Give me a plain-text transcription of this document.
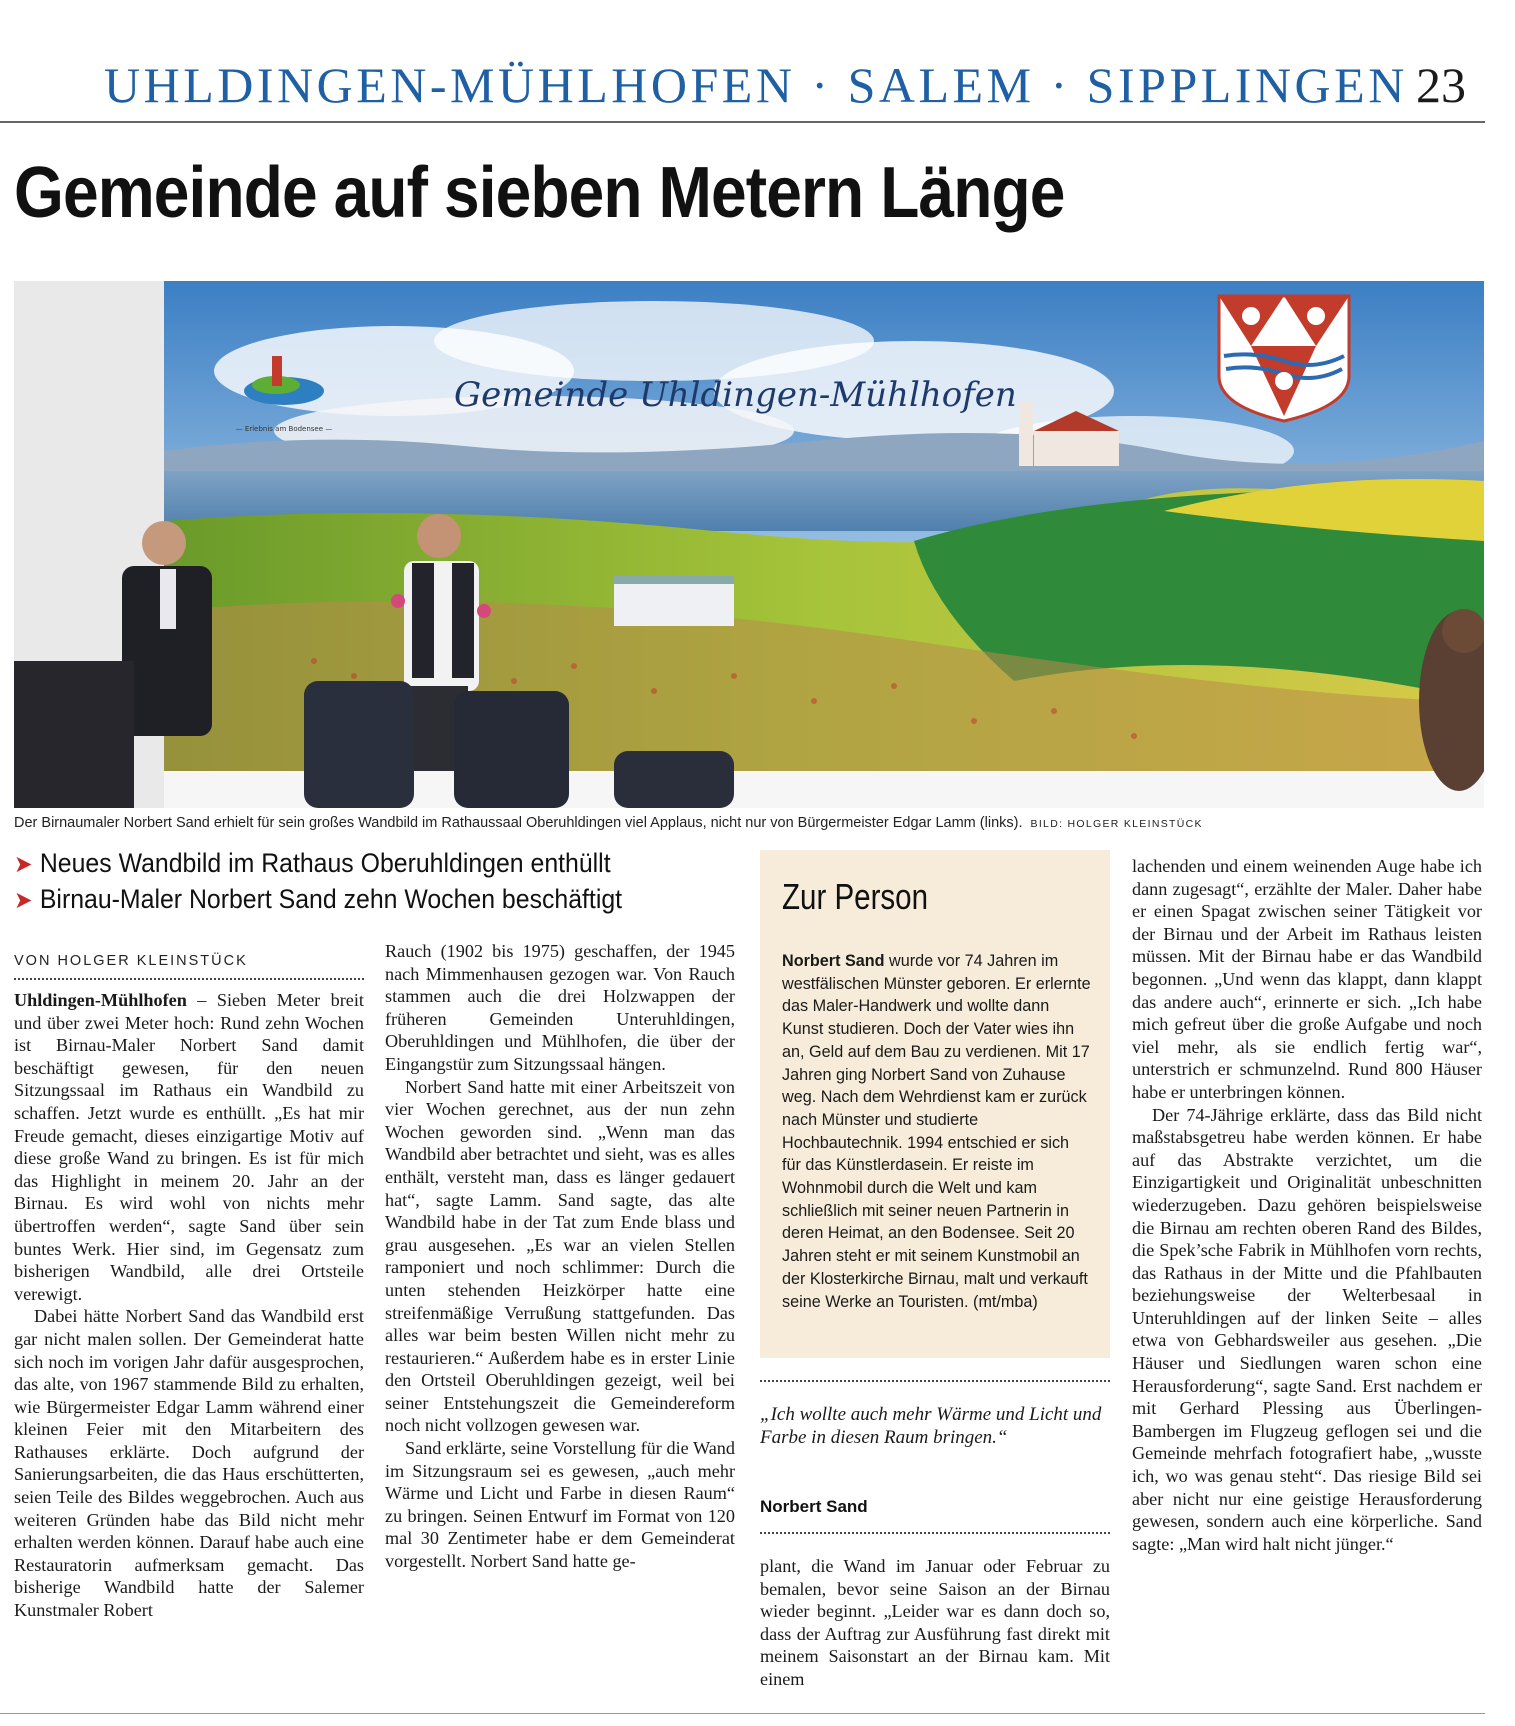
UHLDINGEN-MÜHLHOFEN · SALEM · SIPPLINGEN 23
Gemeinde auf sieben Metern Länge
Gemeinde Uhldingen-Mühlhofen
— Erlebnis am Bodensee —
Der Birnaumaler Norbert Sand erhielt für sein großes Wandbild im Rathaussaal Oberuhldingen viel Applaus, nicht nur von Bürgermeister Edgar Lamm (links). BILD: HOLGER KLEINSTÜCK
➤ Neues Wandbild im Rathaus Oberuhldingen enthüllt
➤ Birnau-Maler Norbert Sand zehn Wochen beschäftigt
VON HOLGER KLEINSTÜCK

Uhldingen-Mühlhofen – Sieben Meter breit und über zwei Meter hoch: Rund zehn Wochen ist Birnau-Maler Norbert Sand damit beschäftigt gewesen, für den neuen Sitzungssaal im Rathaus ein Wandbild zu schaffen. Jetzt wurde es enthüllt. „Es hat mir Freude gemacht, dieses einzigartige Motiv auf diese große Wand zu bringen. Es ist für mich das Highlight in meinem 20. Jahr an der Birnau. Es wird wohl von nichts mehr übertroffen werden“, sagte Sand über sein buntes Werk. Hier sind, im Gegensatz zum bisherigen Wandbild, alle drei Ortsteile verewigt.

Dabei hätte Norbert Sand das Wandbild erst gar nicht malen sollen. Der Gemeinderat hatte sich noch im vorigen Jahr dafür ausgesprochen, das alte, von 1967 stammende Bild zu erhalten, wie Bürgermeister Edgar Lamm während einer kleinen Feier mit den Mitarbeitern des Rathauses erklärte. Doch aufgrund der Sanierungsarbeiten, die das Haus erschütterten, seien Teile des Bildes weggebrochen. Auch aus weiteren Gründen habe das Bild nicht mehr erhalten werden können. Darauf habe auch eine Restauratorin aufmerksam gemacht. Das bisherige Wandbild hatte der Salemer Kunstmaler Robert

Rauch (1902 bis 1975) geschaffen, der 1945 nach Mimmenhausen gezogen war. Von Rauch stammen auch die drei Holzwappen der früheren Gemeinden Unteruhldingen, Oberuhldingen und Mühlhofen, die über der Eingangstür zum Sitzungssaal hängen.

Norbert Sand hatte mit einer Arbeitszeit von vier Wochen gerechnet, aus der nun zehn Wochen geworden sind. „Wenn man das Wandbild aber betrachtet und sieht, was es alles enthält, versteht man, dass es länger gedauert hat“, sagte Lamm. Sand sagte, das alte Wandbild habe in der Tat zum Ende blass und grau ausgesehen. „Es war an vielen Stellen ramponiert und noch schlimmer: Durch die unten stehenden Heizkörper hatte eine streifenmäßige Verrußung stattgefunden. Das alles war beim besten Willen nicht mehr zu restaurieren.“ Außerdem habe es in erster Linie den Ortsteil Oberuhldingen gezeigt, weil bei seiner Entstehungszeit die Gemeindereform noch nicht vollzogen gewesen war.

Sand erklärte, seine Vorstellung für die Wand im Sitzungsraum sei es gewesen, „auch mehr Wärme und Licht und Farbe in diesen Raum“ zu bringen. Seinen Entwurf im Format von 120 mal 30 Zentimeter habe er dem Gemeinderat vorgestellt. Norbert Sand hatte ge-

Zur Person
Norbert Sand wurde vor 74 Jahren im westfälischen Münster geboren. Er erlernte das Maler-Handwerk und wollte dann Kunst studieren. Doch der Vater wies ihn an, Geld auf dem Bau zu verdienen. Mit 17 Jahren ging Norbert Sand von Zuhause weg. Nach dem Wehrdienst kam er zurück nach Münster und studierte Hochbautechnik. 1994 entschied er sich für das Künstlerdasein. Er reiste im Wohnmobil durch die Welt und kam schließlich mit seiner neuen Partnerin in deren Heimat, an den Bodensee. Seit 20 Jahren steht er mit seinem Kunstmobil an der Klosterkirche Birnau, malt und verkauft seine Werke an Touristen. (mt/mba)
„Ich wollte auch mehr Wärme und Licht und Farbe in diesen Raum bringen.“
Norbert Sand

plant, die Wand im Januar oder Februar zu bemalen, bevor seine Saison an der Birnau wieder beginnt. „Leider war es dann doch so, dass der Auftrag zur Ausführung fast direkt mit meinem Saisonstart an der Birnau kam. Mit einem

lachenden und einem weinenden Auge habe ich dann zugesagt“, erzählte der Maler. Daher habe er einen Spagat zwischen seiner Tätigkeit vor der Birnau und der Arbeit im Rathaus leisten müssen. Mit der Birnau habe er das Wandbild begonnen. „Und wenn das klappt, dann klappt das andere auch“, erinnerte er sich. „Ich habe mich gefreut über die große Aufgabe und noch viel mehr, als sie endlich fertig war“, unterstrich er schmunzelnd. Rund 800 Häuser habe er unterbringen können.

Der 74-Jährige erklärte, dass das Bild nicht maßstabsgetreu habe werden können. Er habe auf das Abstrakte verzichtet, um die Einzigartigkeit und Originalität unbeschnitten wiederzugeben. Dazu gehören beispielsweise die Birnau am rechten oberen Rand des Bildes, die Spek’sche Fabrik in Mühlhofen vorn rechts, das Rathaus in der Mitte und die Pfahlbauten beziehungsweise der Welterbesaal in Unteruhldingen auf der linken Seite – alles etwa von Gebhardsweiler aus gesehen. „Die Häuser und Siedlungen waren schon eine Herausforderung“, sagte Sand. Erst nachdem er mit Gerhard Plessing aus Überlingen-Bambergen im Flugzeug geflogen sei und die Gemeinde mehrfach fotografiert habe, „wusste ich, wo was genau steht“. Das riesige Bild sei aber nicht nur eine geistige Herausforderung gewesen, sondern auch eine körperliche. Sand sagte: „Man wird halt nicht jünger.“
